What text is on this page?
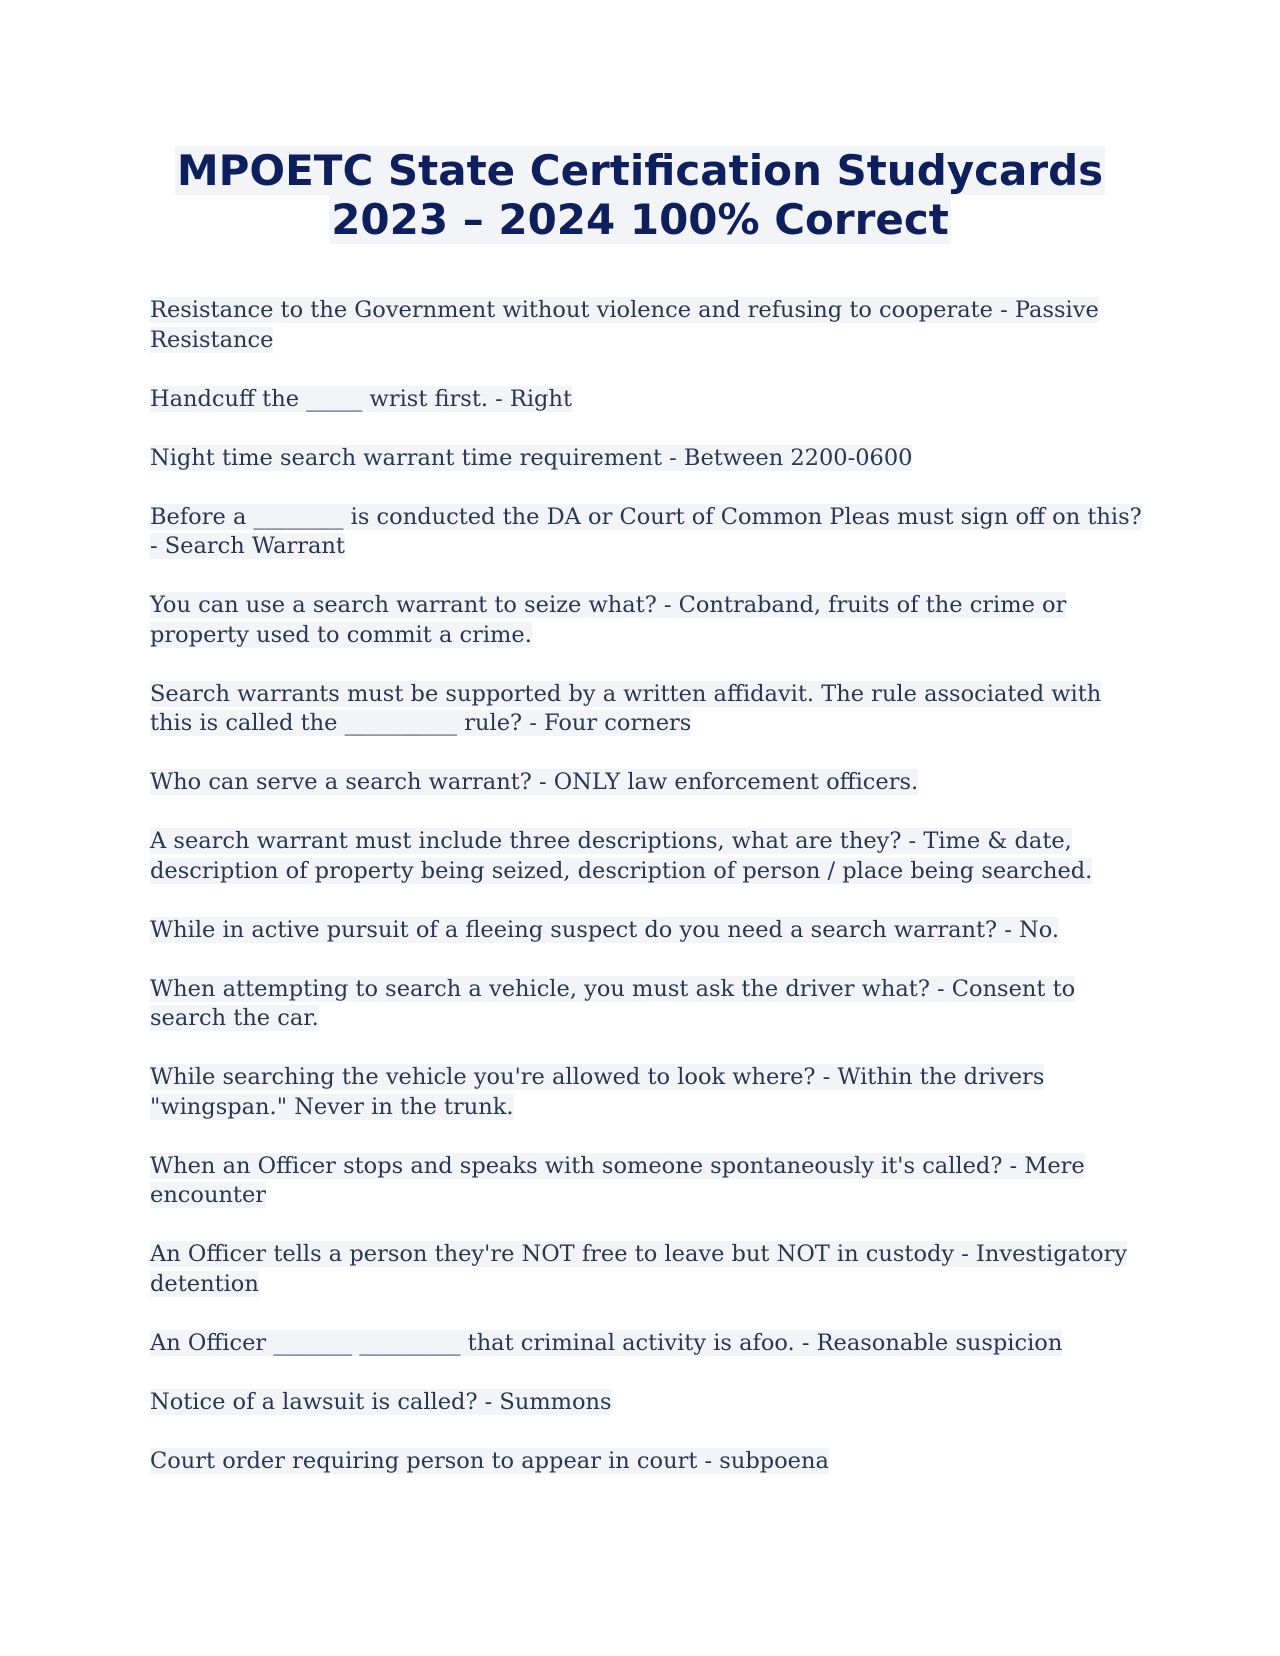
MPOETC State Certification Studycards
2023 – 2024 100% Correct
Resistance to the Government without violence and refusing to cooperate - Passive Resistance
Handcuff the _____ wrist first. - Right
Night time search warrant time requirement - Between 2200-0600
Before a ________ is conducted the DA or Court of Common Pleas must sign off on this? - Search Warrant
You can use a search warrant to seize what? - Contraband, fruits of the crime or property used to commit a crime.
Search warrants must be supported by a written affidavit. The rule associated with this is called the __________ rule? - Four corners
Who can serve a search warrant? - ONLY law enforcement officers.
A search warrant must include three descriptions, what are they? - Time & date, description of property being seized, description of person / place being searched.
While in active pursuit of a fleeing suspect do you need a search warrant? - No.
When attempting to search a vehicle, you must ask the driver what? - Consent to search the car.
While searching the vehicle you're allowed to look where? - Within the drivers "wingspan." Never in the trunk.
When an Officer stops and speaks with someone spontaneously it's called? - Mere encounter
An Officer tells a person they're NOT free to leave but NOT in custody - Investigatory detention
An Officer _______ _________ that criminal activity is afoo. - Reasonable suspicion
Notice of a lawsuit is called? - Summons
Court order requiring person to appear in court - subpoena
